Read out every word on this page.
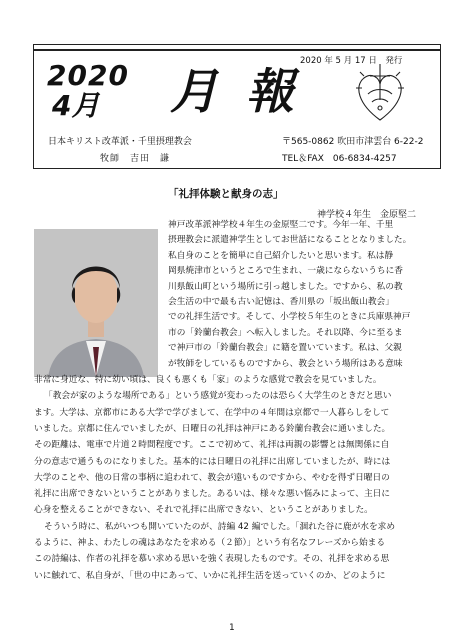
2020 年 5 月 17 日　発行
2020
4月 月報
日本キリスト改革派・千里摂理教会
牧師　吉田　謙
〒565-0862 吹田市津雲台 6-22-2
TEL＆FAX　06-6834-4257
「礼拝体験と献身の志」
神学校４年生　金原堅二
神戸改革派神学校４年生の金原堅二です。今年一年、千里
摂理教会に派遣神学生としてお世話になることとなりました。
私自身のことを簡単に自己紹介したいと思います。私は静
岡県焼津市というところで生まれ、一歳にならないうちに香
川県飯山町という場所に引っ越しました。ですから、私の教
会生活の中で最も古い記憶は、香川県の「坂出飯山教会」
での礼拝生活です。そして、小学校５年生のときに兵庫県神戸
市の「鈴蘭台教会」へ転入しました。それ以降、今に至るま
で神戸市の「鈴蘭台教会」に籍を置いています。私は、父親
が牧師をしているものですから、教会という場所はある意味
非常に身近な、特に幼い頃は、良くも悪くも「家」のような感覚で教会を見ていました。
「教会が家のような場所である」という感覚が変わったのは恐らく大学生のときだと思い
ます。大学は、京都市にある大学で学びまして、在学中の４年間は京都で一人暮らしをして
いました。京都に住んでいましたが、日曜日の礼拝は神戸にある鈴蘭台教会に通いました。
その距離は、電車で片道２時間程度です。ここで初めて、礼拝は両親の影響とは無関係に自
分の意志で通うものになりました。基本的には日曜日の礼拝に出席していましたが、時には
大学のことや、他の日常の事柄に追われて、教会が遠いものですから、やむを得ず日曜日の
礼拝に出席できないということがありました。あるいは、様々な悪い悩みによって、主日に
心身を整えることができない、それで礼拝に出席できない、ということがありました。
そういう時に、私がいつも開いていたのが、詩編 42 編でした。「涸れた谷に鹿が水を求め
るように、神よ、わたしの魂はあなたを求める（２節）」という有名なフレーズから始まる
この詩編は、作者の礼拝を慕い求める思いを強く表現したものです。その、礼拝を求める思
いに触れて、私自身が、「世の中にあって、いかに礼拝生活を送っていくのか、どのように
1
